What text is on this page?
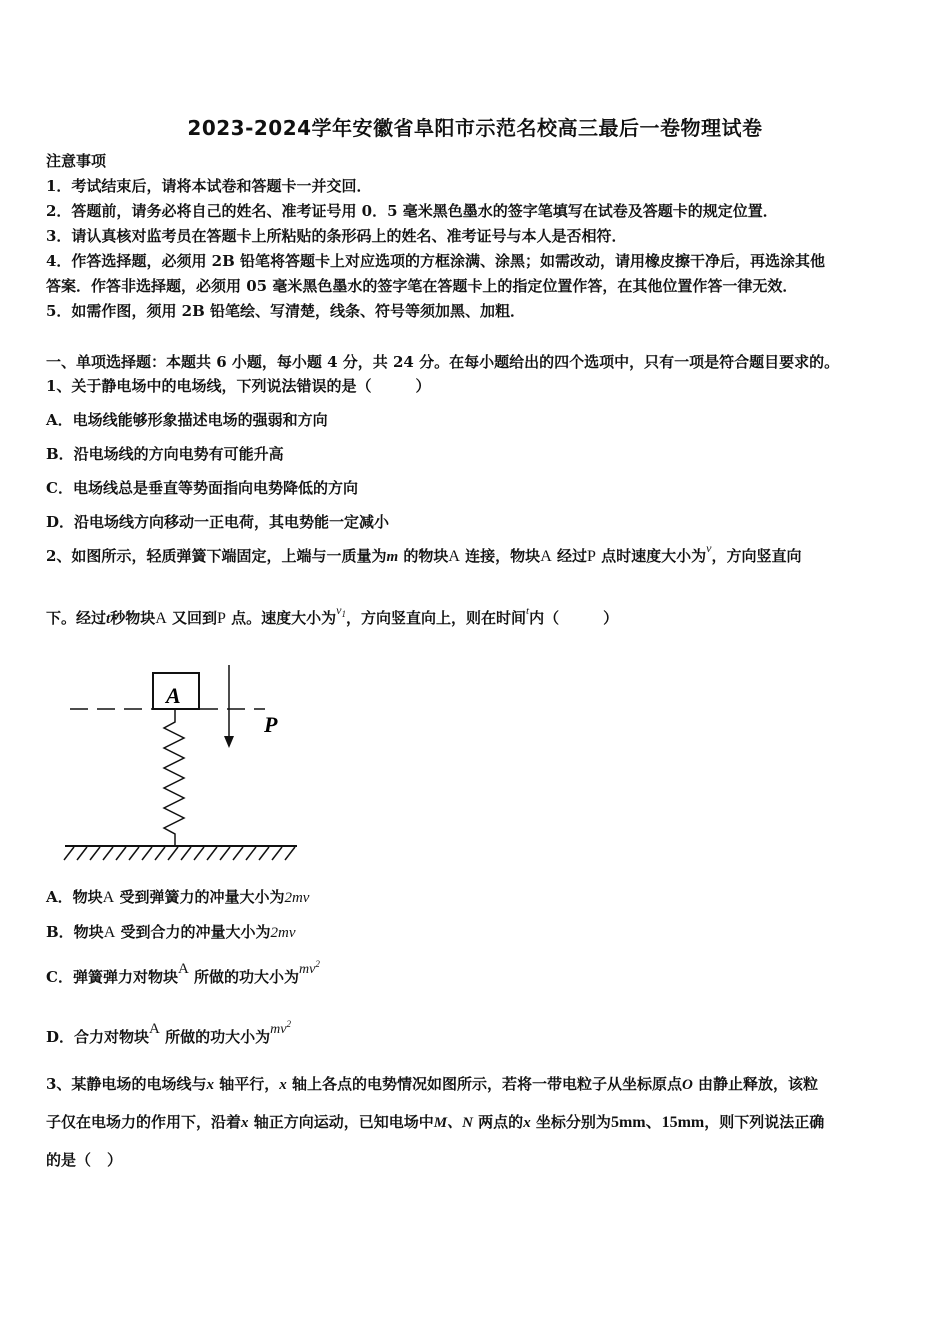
2023-2024学年安徽省阜阳市示范名校高三最后一卷物理试卷
注意事项
1．考试结束后，请将本试卷和答题卡一并交回．
2．答题前，请务必将自己的姓名、准考证号用 0．5 毫米黑色墨水的签字笔填写在试卷及答题卡的规定位置．
3．请认真核对监考员在答题卡上所粘贴的条形码上的姓名、准考证号与本人是否相符．
4．作答选择题，必须用 2B 铅笔将答题卡上对应选项的方框涂满、涂黑；如需改动，请用橡皮擦干净后，再选涂其他
答案．作答非选择题，必须用 05 毫米黑色墨水的签字笔在答题卡上的指定位置作答，在其他位置作答一律无效．
5．如需作图，须用 2B 铅笔绘、写清楚，线条、符号等须加黑、加粗．
一、单项选择题：本题共 6 小题，每小题 4 分，共 24 分。在每小题给出的四个选项中，只有一项是符合题目要求的。
1、关于静电场中的电场线，下列说法错误的是（	）
A．电场线能够形象描述电场的强弱和方向
B．沿电场线的方向电势有可能升高
C．电场线总是垂直等势面指向电势降低的方向
D．沿电场线方向移动一正电荷，其电势能一定减小
2、如图所示，轻质弹簧下端固定，上端与一质量为m 的物块A 连接，物块A 经过P 点时速度大小为$^v$，方向竖直向
下。经过t秒物块A 又回到P 点。速度大小为$^{v_1}$，方向竖直向上，则在时间$^t$内（	）
A
P
A．物块A 受到弹簧力的冲量大小为2mv
B．物块A 受到合力的冲量大小为2mv
C．弹簧弹力对物块A 所做的功大小为$mv^2$
D．合力对物块A 所做的功大小为$mv^2$
3、某静电场的电场线与x 轴平行，x 轴上各点的电势情况如图所示，若将一带电粒子从坐标原点O 由静止释放，该粒
子仅在电场力的作用下，沿着x 轴正方向运动，已知电场中M、N 两点的x 坐标分别为5mm、15mm，则下列说法正确
的是（ ）
